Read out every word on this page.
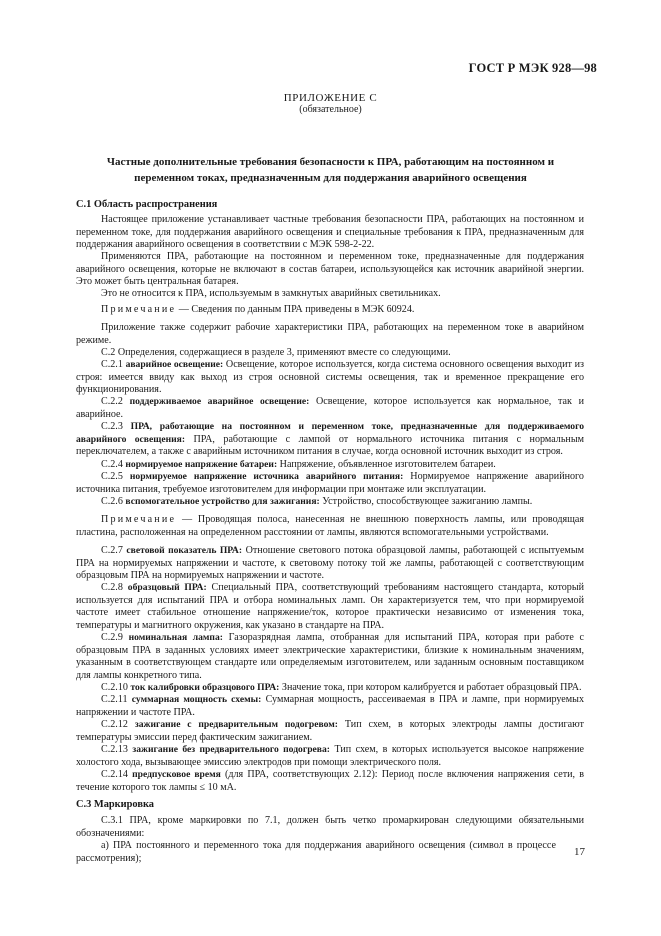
ГОСТ Р МЭК 928—98
ПРИЛОЖЕНИЕ С
(обязательное)
Частные дополнительные требования безопасности к ПРА, работающим на постоянном и переменном токах, предназначенным для поддержания аварийного освещения
С.1 Область распространения
Настоящее приложение устанавливает частные требования безопасности ПРА, работающих на постоянном и переменном токе, для поддержания аварийного освещения и специальные требования к ПРА, предназначенным для поддержания аварийного освещения в соответствии с МЭК 598-2-22.
Применяются ПРА, работающие на постоянном и переменном токе, предназначенные для поддержания аварийного освещения, которые не включают в состав батареи, использующейся как источник аварийной энергии. Это может быть центральная батарея.
Это не относится к ПРА, используемым в замкнутых аварийных светильниках.
Примечание — Сведения по данным ПРА приведены в МЭК 60924.
Приложение также содержит рабочие характеристики ПРА, работающих на переменном токе в аварийном режиме.
С.2 Определения, содержащиеся в разделе 3, применяют вместе со следующими.
С.2.1 аварийное освещение: Освещение, которое используется, когда система основного освещения выходит из строя: имеется ввиду как выход из строя основной системы освещения, так и временное прекращение его функционирования.
С.2.2 поддерживаемое аварийное освещение: Освещение, которое используется как нормальное, так и аварийное.
С.2.3 ПРА, работающие на постоянном и переменном токе, предназначенные для поддерживаемого аварийного освещения: ПРА, работающие с лампой от нормального источника питания с нормальным переключателем, а также с аварийным источником питания в случае, когда основной источник выходит из строя.
С.2.4 нормируемое напряжение батареи: Напряжение, объявленное изготовителем батареи.
С.2.5 нормируемое напряжение источника аварийного питания: Нормируемое напряжение аварийного источника питания, требуемое изготовителем для информации при монтаже или эксплуатации.
С.2.6 вспомогательное устройство для зажигания: Устройство, способствующее зажиганию лампы.
Примечание — Проводящая полоса, нанесенная не внешнюю поверхность лампы, или проводящая пластина, расположенная на определенном расстоянии от лампы, являются вспомогательными устройствами.
С.2.7 световой показатель ПРА: Отношение светового потока образцовой лампы, работающей с испытуемым ПРА на нормируемых напряжении и частоте, к световому потоку той же лампы, работающей с соответствующим образцовым ПРА на нормируемых напряжении и частоте.
С.2.8 образцовый ПРА: Специальный ПРА, соответствующий требованиям настоящего стандарта, который используется для испытаний ПРА и отбора номинальных ламп. Он характеризуется тем, что при нормируемой частоте имеет стабильное отношение напряжение/ток, которое практически независимо от изменения тока, температуры и магнитного окружения, как указано в стандарте на ПРА.
С.2.9 номинальная лампа: Газоразрядная лампа, отобранная для испытаний ПРА, которая при работе с образцовым ПРА в заданных условиях имеет электрические характеристики, близкие к номинальным значениям, указанным в соответствующем стандарте или определяемым изготовителем, или заданным основным поставщиком для лампы конкретного типа.
С.2.10 ток калибровки образцового ПРА: Значение тока, при котором калибруется и работает образцовый ПРА.
С.2.11 суммарная мощность схемы: Суммарная мощность, рассеиваемая в ПРА и лампе, при нормируемых напряжении и частоте ПРА.
С.2.12 зажигание с предварительным подогревом: Тип схем, в которых электроды лампы достигают температуры эмиссии перед фактическим зажиганием.
С.2.13 зажигание без предварительного подогрева: Тип схем, в которых используется высокое напряжение холостого хода, вызывающее эмиссию электродов при помощи электрического поля.
С.2.14 предпусковое время (для ПРА, соответствующих 2.12): Период после включения напряжения сети, в течение которого ток лампы ≤ 10 мА.
С.3 Маркировка
С.3.1 ПРА, кроме маркировки по 7.1, должен быть четко промаркирован следующими обязательными обозначениями:
а) ПРА постоянного и переменного тока для поддержания аварийного освещения (символ в процессе рассмотрения);
17
